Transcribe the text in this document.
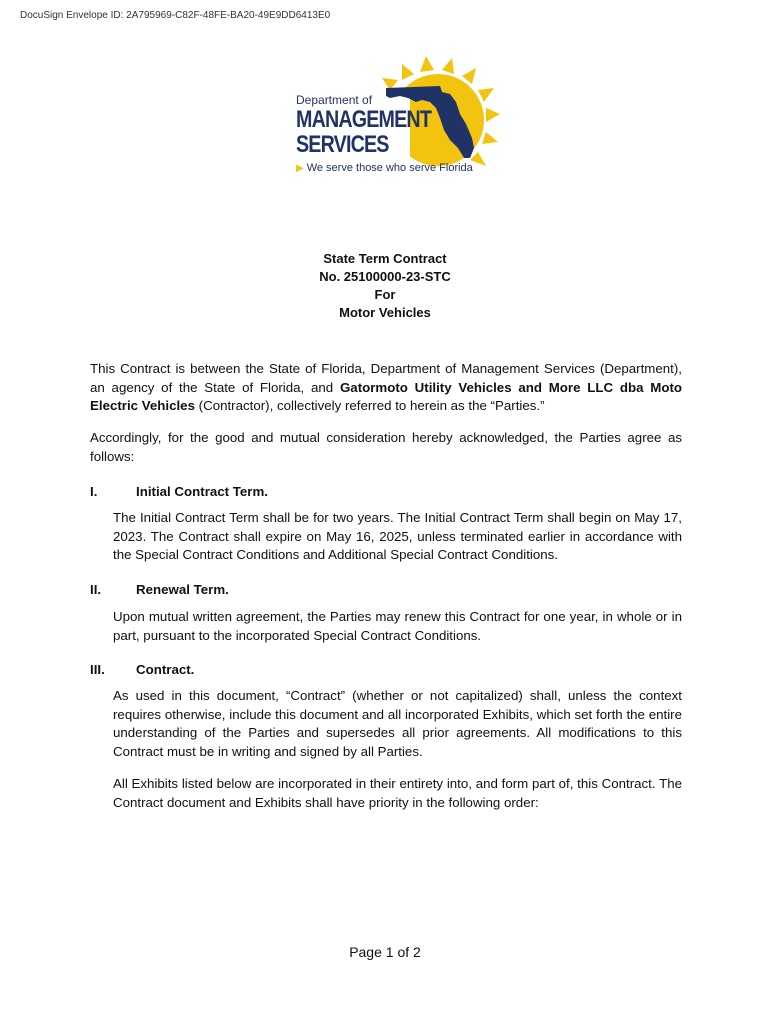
DocuSign Envelope ID: 2A795969-C82F-48FE-BA20-49E9DD6413E0
Department of
MANAGEMENT
SERVICES
▶ We serve those who serve Florida
State Term Contract
No. 25100000-23-STC
For
Motor Vehicles
This Contract is between the State of Florida, Department of Management Services (Department), an agency of the State of Florida, and Gatormoto Utility Vehicles and More LLC dba Moto Electric Vehicles (Contractor), collectively referred to herein as the “Parties.”
Accordingly, for the good and mutual consideration hereby acknowledged, the Parties agree as follows:
I.	Initial Contract Term.
The Initial Contract Term shall be for two years. The Initial Contract Term shall begin on May 17, 2023. The Contract shall expire on May 16, 2025, unless terminated earlier in accordance with the Special Contract Conditions and Additional Special Contract Conditions.
II.	Renewal Term.
Upon mutual written agreement, the Parties may renew this Contract for one year, in whole or in part, pursuant to the incorporated Special Contract Conditions.
III. Contract.
As used in this document, “Contract” (whether or not capitalized) shall, unless the context requires otherwise, include this document and all incorporated Exhibits, which set forth the entire understanding of the Parties and supersedes all prior agreements. All modifications to this Contract must be in writing and signed by all Parties.
All Exhibits listed below are incorporated in their entirety into, and form part of, this Contract. The Contract document and Exhibits shall have priority in the following order:
Page 1 of 2
